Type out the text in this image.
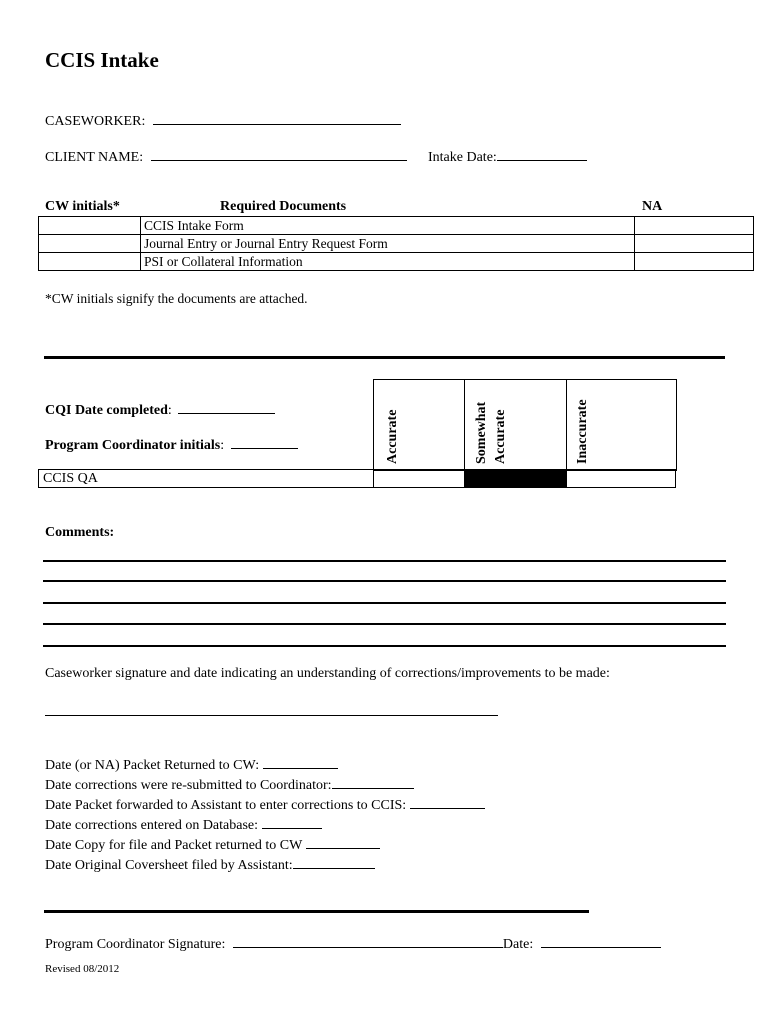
CCIS Intake
CASEWORKER:
CLIENT NAME:	Intake Date:
CW initials*	Required Documents	NA
	CCIS Intake Form	
	Journal Entry or Journal Entry Request Form	
	PSI or Collateral Information	
*CW initials signify the documents are attached.
CQI Date completed:
Program Coordinator initials:	Accurate	Somewhat Accurate	Inaccurate
CCIS QA			
Comments:
Caseworker signature and date indicating an understanding of corrections/improvements to be made:
Date (or NA) Packet Returned to CW:
Date corrections were re-submitted to Coordinator:
Date Packet forwarded to Assistant to enter corrections to CCIS:
Date corrections entered on Database:
Date Copy for file and Packet returned to CW
Date Original Coversheet filed by Assistant:
Program Coordinator Signature:	Date:
Revised 08/2012
